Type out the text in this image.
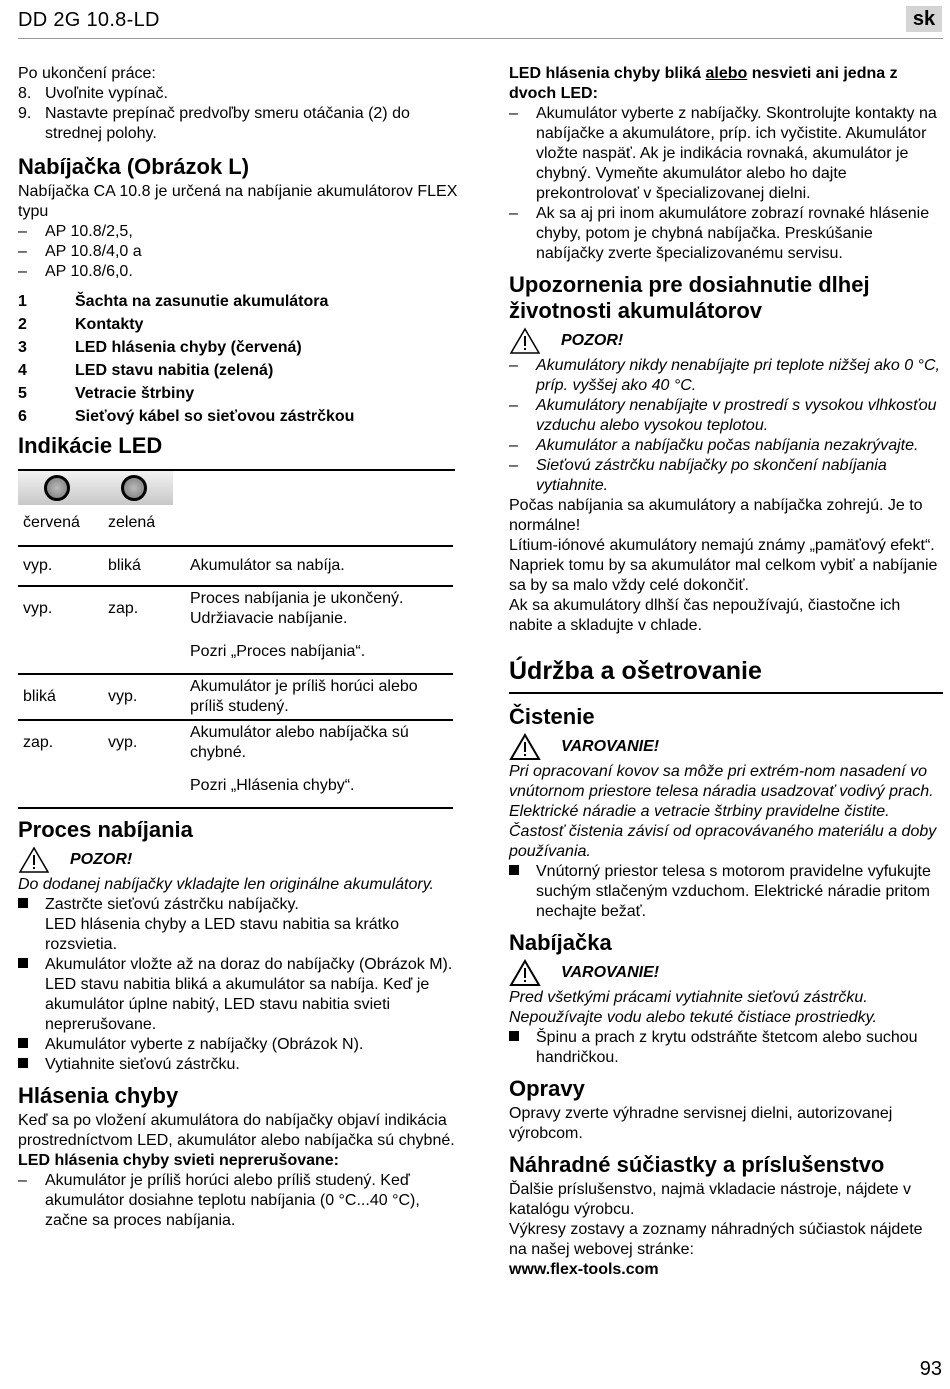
DD 2G 10.8-LD	sk

Po ukončení práce:

8. Uvoľnite vypínač.

9. Nastavte prepínač predvoľby smeru otáčania (2) do strednej polohy.

Nabíjačka (Obrázok L)

Nabíjačka CA 10.8 je určená na nabíjanie akumulátorov FLEX typu

– AP 10.8/2,5,

– AP 10.8/4,0 a

– AP 10.8/6,0.

1	Šachta na zasunutie akumulátora
2	Kontakty
3	LED hlásenia chyby (červená)
4	LED stavu nabitia (zelená)
5	Vetracie štrbiny
6	Sieťový kábel so sieťovou zástrčkou
Indikácie LED
červená	zelená
vyp.	bliká	Akumulátor sa nabíja.
vyp.	zap.	Proces nabíjania je ukončený. Udržiavacie nabíjanie.
		Pozri „Proces nabíjania“.
bliká	vyp.	Akumulátor je príliš horúci alebo príliš studený.
zap.	vyp.	Akumulátor alebo nabíjačka sú chybné.
		Pozri „Hlásenia chyby“.
Proces nabíjania
POZOR!

Do dodanej nabíjačky vkladajte len originálne akumulátory.

Zastrčte sieťovú zástrčku nabíjačky.

LED hlásenia chyby a LED stavu nabitia sa krátko rozsvietia.

Akumulátor vložte až na doraz do nabíjačky (Obrázok M).

LED stavu nabitia bliká a akumulátor sa nabíja. Keď je akumulátor úplne nabitý, LED stavu nabitia svieti neprerušovane.

Akumulátor vyberte z nabíjačky (Obrázok N).

Vytiahnite sieťovú zástrčku.

Hlásenia chyby

Keď sa po vložení akumulátora do nabíjačky objaví indikácia prostredníctvom LED, akumulátor alebo nabíjačka sú chybné.

LED hlásenia chyby svieti neprerušovane:

– Akumulátor je príliš horúci alebo príliš studený. Keď akumulátor dosiahne teplotu nabíjania (0 °C...40 °C), začne sa proces nabíjania.

LED hlásenia chyby bliká alebo nesvieti ani jedna z dvoch LED:

– Akumulátor vyberte z nabíjačky. Skontrolujte kontakty na nabíjačke a akumulátore, príp. ich vyčistite. Akumulátor vložte naspäť. Ak je indikácia rovnaká, akumulátor je chybný. Vymeňte akumulátor alebo ho dajte prekontrolovať v špecializovanej dielni.

– Ak sa aj pri inom akumulátore zobrazí rovnaké hlásenie chyby, potom je chybná nabíjačka. Preskúšanie nabíjačky zverte špecializovanému servisu.

Upozornenia pre dosiahnutie dlhej životnosti akumulátorov
POZOR!

– Akumulátory nikdy nenabíjajte pri teplote nižšej ako 0 °C, príp. vyššej ako 40 °C.

– Akumulátory nenabíjajte v prostredí s vysokou vlhkosťou vzduchu alebo vysokou teplotou.

– Akumulátor a nabíjačku počas nabíjania nezakrývajte.

– Sieťovú zástrčku nabíjačky po skončení nabíjania vytiahnite.

Počas nabíjania sa akumulátory a nabíjačka zohrejú. Je to normálne!

Lítium-iónové akumulátory nemajú známy „pamäťový efekt“. Napriek tomu by sa akumulátor mal celkom vybiť a nabíjanie sa by sa malo vždy celé dokončiť.

Ak sa akumulátory dlhší čas nepoužívajú, čiastočne ich nabite a skladujte v chlade.

Údržba a ošetrovanie
Čistenie
VAROVANIE!

Pri opracovaní kovov sa môže pri extrém-nom nasadení vo vnútornom priestore telesa náradia usadzovať vodivý prach. Elektrické náradie a vetracie štrbiny pravidelne čistite. Častosť čistenia závisí od opracovávaného materiálu a doby používania.

Vnútorný priestor telesa s motorom pravidelne vyfukujte suchým stlačeným vzduchom. Elektrické náradie pritom nechajte bežať.

Nabíjačka
VAROVANIE!

Pred všetkými prácami vytiahnite sieťovú zástrčku. Nepoužívajte vodu alebo tekuté čistiace prostriedky.

Špinu a prach z krytu odstráňte štetcom alebo suchou handričkou.

Opravy

Opravy zverte výhradne servisnej dielni, autorizovanej výrobcom.

Náhradné súčiastky a príslušenstvo

Ďalšie príslušenstvo, najmä vkladacie nástroje, nájdete v katalógu výrobcu.

Výkresy zostavy a zoznamy náhradných súčiastok nájdete na našej webovej stránke:

www.flex-tools.com

93
